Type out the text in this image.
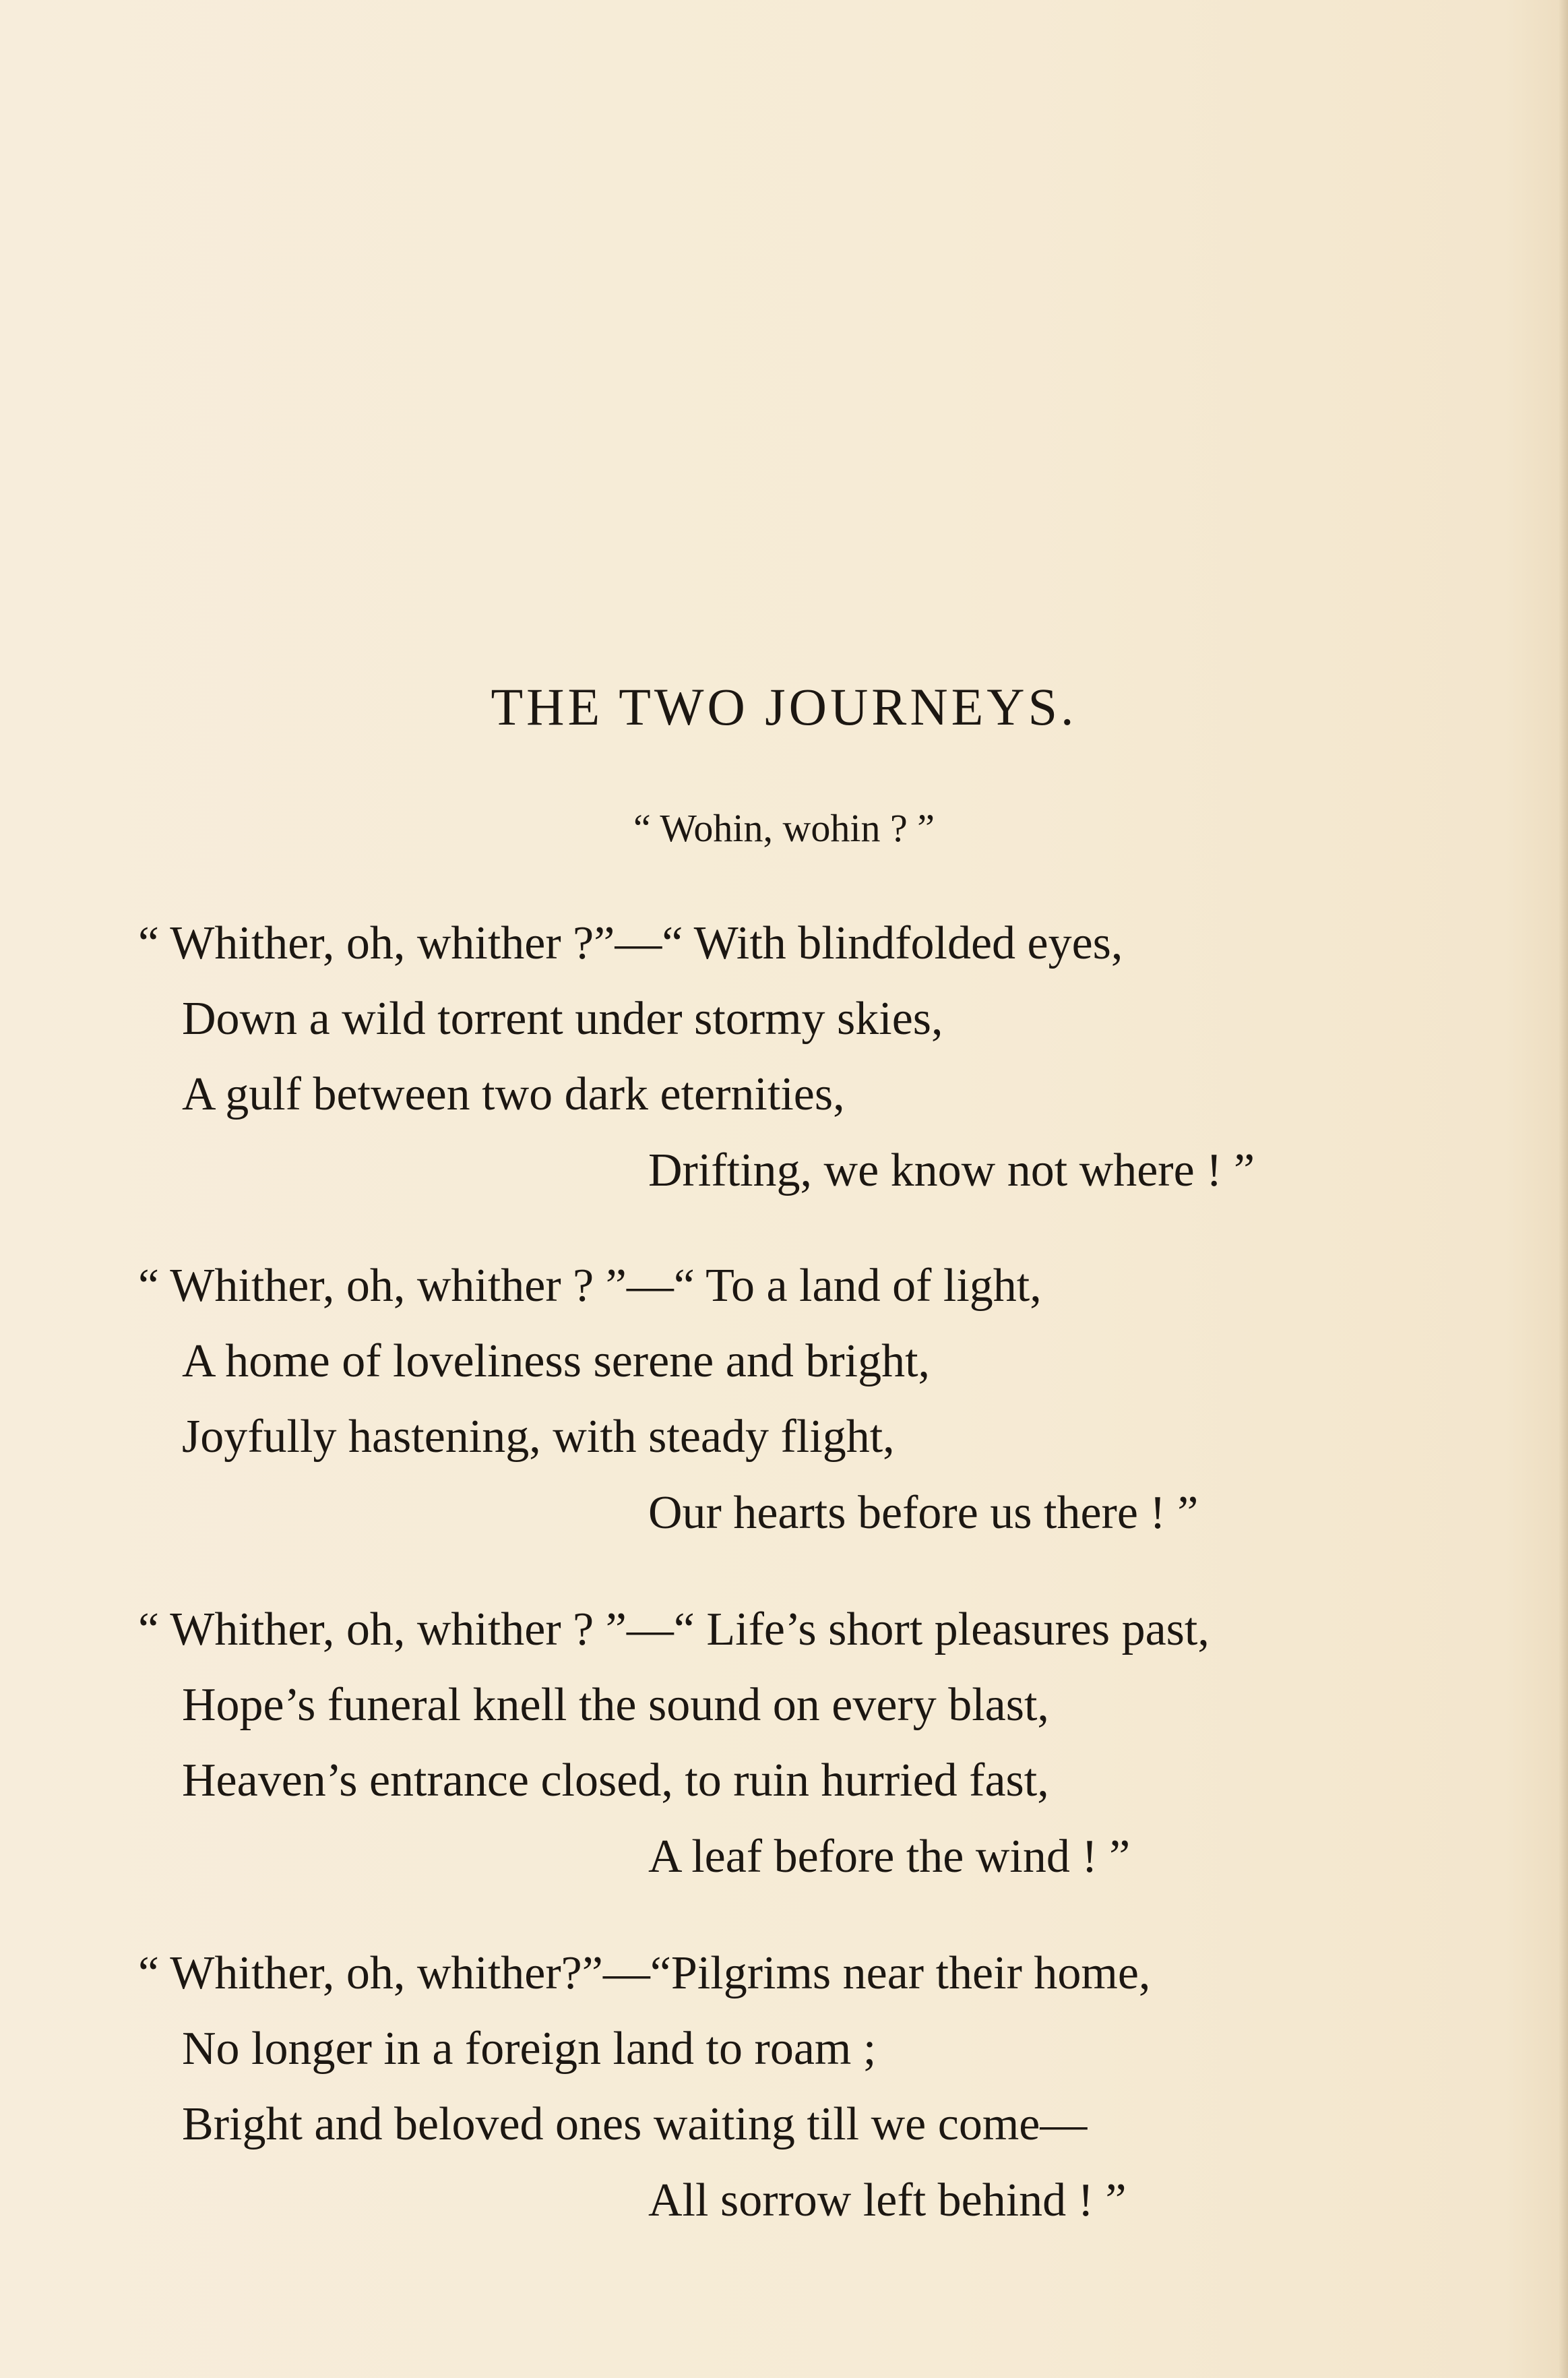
THE TWO JOURNEYS.
“ Wohin, wohin ? ”
“ Whither, oh, whither ?”—“ With blindfolded eyes,
Down a wild torrent under stormy skies,
A gulf between two dark eternities,
Drifting, we know not where ! ”
“ Whither, oh, whither ? ”—“ To a land of light,
A home of loveliness serene and bright,
Joyfully hastening, with steady flight,
Our hearts before us there ! ”
“ Whither, oh, whither ? ”—“ Life’s short pleasures past,
Hope’s funeral knell the sound on every blast,
Heaven’s entrance closed, to ruin hurried fast,
A leaf before the wind ! ”
“ Whither, oh, whither?”—“Pilgrims near their home,
No longer in a foreign land to roam ;
Bright and beloved ones waiting till we come—
All sorrow left behind ! ”
